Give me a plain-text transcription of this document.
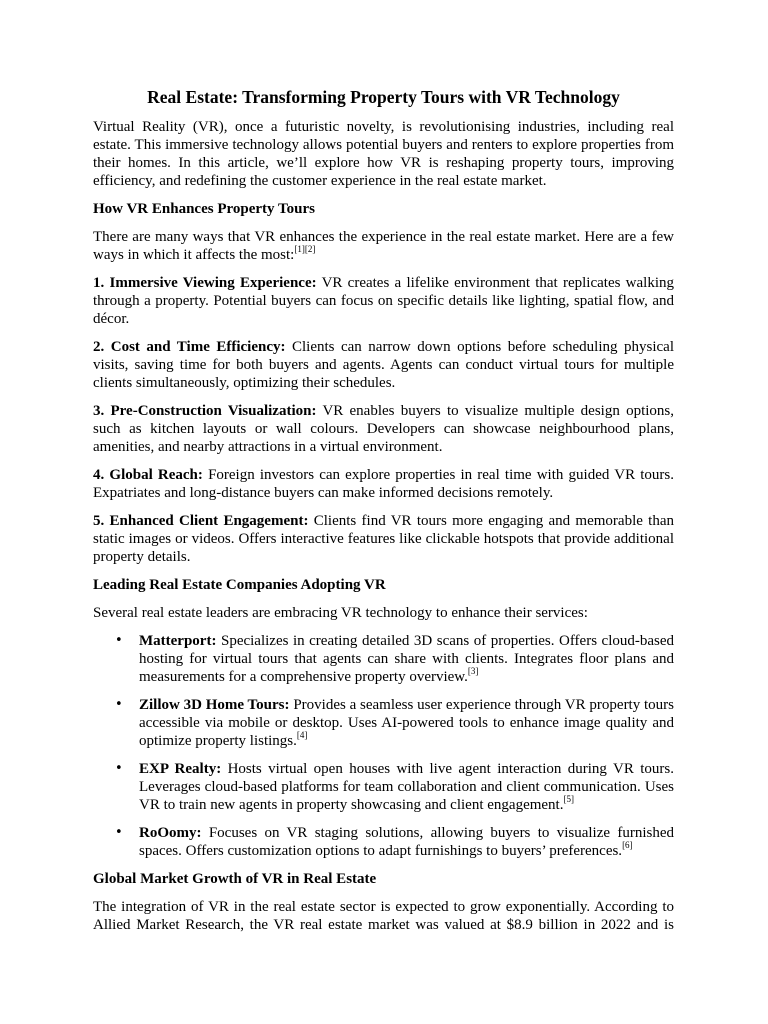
Real Estate: Transforming Property Tours with VR Technology

Virtual Reality (VR), once a futuristic novelty, is revolutionising industries, including real estate. This immersive technology allows potential buyers and renters to explore properties from their homes. In this article, we’ll explore how VR is reshaping property tours, improving efficiency, and redefining the customer experience in the real estate market.

How VR Enhances Property Tours

There are many ways that VR enhances the experience in the real estate market. Here are a few ways in which it affects the most:[1][2]

1. Immersive Viewing Experience: VR creates a lifelike environment that replicates walking through a property. Potential buyers can focus on specific details like lighting, spatial flow, and décor.

2. Cost and Time Efficiency: Clients can narrow down options before scheduling physical visits, saving time for both buyers and agents. Agents can conduct virtual tours for multiple clients simultaneously, optimizing their schedules.

3. Pre-Construction Visualization: VR enables buyers to visualize multiple design options, such as kitchen layouts or wall colours. Developers can showcase neighbourhood plans, amenities, and nearby attractions in a virtual environment.

4. Global Reach: Foreign investors can explore properties in real time with guided VR tours. Expatriates and long-distance buyers can make informed decisions remotely.

5. Enhanced Client Engagement: Clients find VR tours more engaging and memorable than static images or videos. Offers interactive features like clickable hotspots that provide additional property details.

Leading Real Estate Companies Adopting VR

Several real estate leaders are embracing VR technology to enhance their services:

• Matterport: Specializes in creating detailed 3D scans of properties. Offers cloud-based hosting for virtual tours that agents can share with clients. Integrates floor plans and measurements for a comprehensive property overview.[3]
• Zillow 3D Home Tours: Provides a seamless user experience through VR property tours accessible via mobile or desktop. Uses AI-powered tools to enhance image quality and optimize property listings.[4]
• EXP Realty: Hosts virtual open houses with live agent interaction during VR tours. Leverages cloud-based platforms for team collaboration and client communication. Uses VR to train new agents in property showcasing and client engagement.[5]
• RoOomy: Focuses on VR staging solutions, allowing buyers to visualize furnished spaces. Offers customization options to adapt furnishings to buyers’ preferences.[6]
Global Market Growth of VR in Real Estate

The integration of VR in the real estate sector is expected to grow exponentially. According to Allied Market Research, the VR real estate market was valued at $8.9 billion in 2022 and is
